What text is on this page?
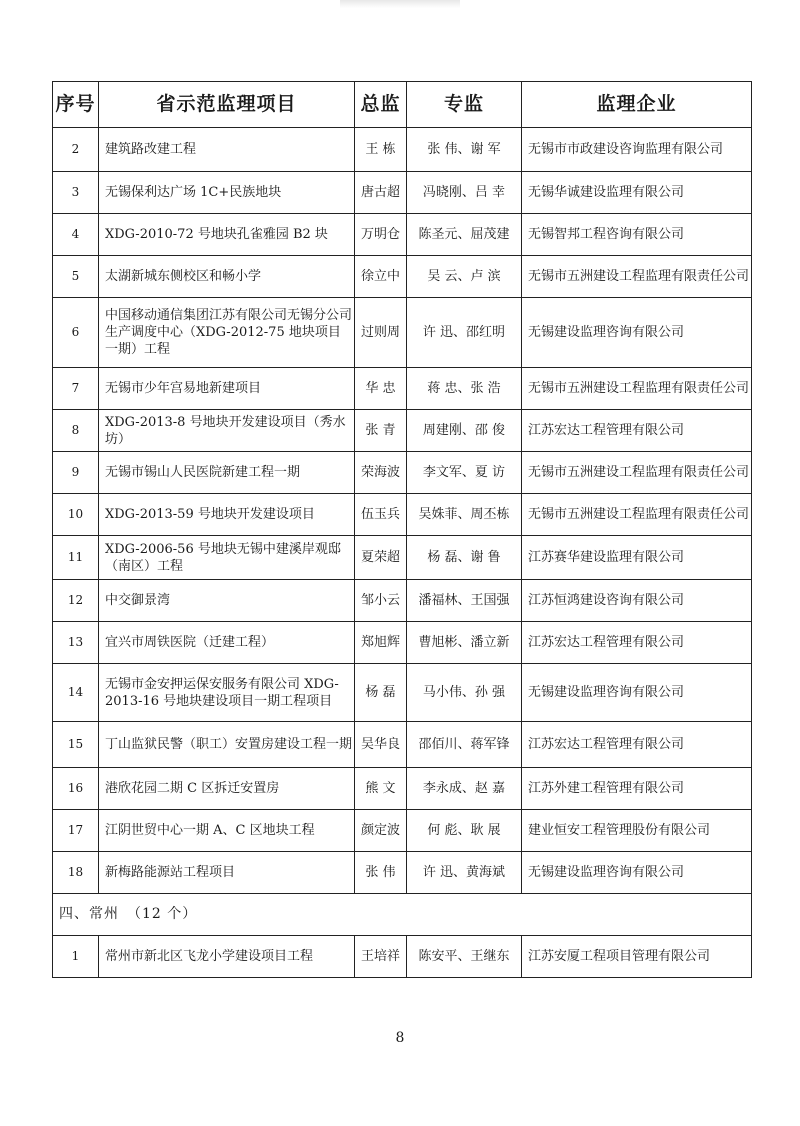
序号	省示范监理项目	总监	专监	监理企业
2	建筑路改建工程	王 栋	张 伟、谢 军	无锡市市政建设咨询监理有限公司
3	无锡保利达广场 1C+民族地块	唐古超	冯晓刚、吕 幸	无锡华诚建设监理有限公司
4	XDG-2010-72 号地块孔雀雅园 B2 块	万明仓	陈圣元、屈茂建	无锡智邦工程咨询有限公司
5	太湖新城东侧校区和畅小学	徐立中	吴 云、卢 滨	无锡市五洲建设工程监理有限责任公司
6	中国移动通信集团江苏有限公司无锡分公司生产调度中心（XDG-2012-75 地块项目一期）工程	过则周	许 迅、邵红明	无锡建设监理咨询有限公司
7	无锡市少年宫易地新建项目	华 忠	蒋 忠、张 浩	无锡市五洲建设工程监理有限责任公司
8	XDG-2013-8 号地块开发建设项目（秀水坊）	张 青	周建刚、邵 俊	江苏宏达工程管理有限公司
9	无锡市锡山人民医院新建工程一期	荣海波	李文军、夏 访	无锡市五洲建设工程监理有限责任公司
10	XDG-2013-59 号地块开发建设项目	伍玉兵	吴姝菲、周丕栋	无锡市五洲建设工程监理有限责任公司
11	XDG-2006-56 号地块无锡中建溪岸观邸（南区）工程	夏荣超	杨 磊、谢 鲁	江苏赛华建设监理有限公司
12	中交御景湾	邹小云	潘福林、王国强	江苏恒鸿建设咨询有限公司
13	宜兴市周铁医院（迁建工程）	郑旭辉	曹旭彬、潘立新	江苏宏达工程管理有限公司
14	无锡市金安押运保安服务有限公司 XDG-2013-16 号地块建设项目一期工程项目	杨 磊	马小伟、孙 强	无锡建设监理咨询有限公司
15	丁山监狱民警（职工）安置房建设工程一期	吴华良	邵佰川、蒋军锋	江苏宏达工程管理有限公司
16	港欣花园二期 C 区拆迁安置房	熊 文	李永成、赵 嘉	江苏外建工程管理有限公司
17	江阴世贸中心一期 A、C 区地块工程	颜定波	何 彪、耿 展	建业恒安工程管理股份有限公司
18	新梅路能源站工程项目	张 伟	许 迅、黄海斌	无锡建设监理咨询有限公司
四、常州　（12 个）				
1	常州市新北区飞龙小学建设项目工程	王培祥	陈安平、王继东	江苏安厦工程项目管理有限公司
8
